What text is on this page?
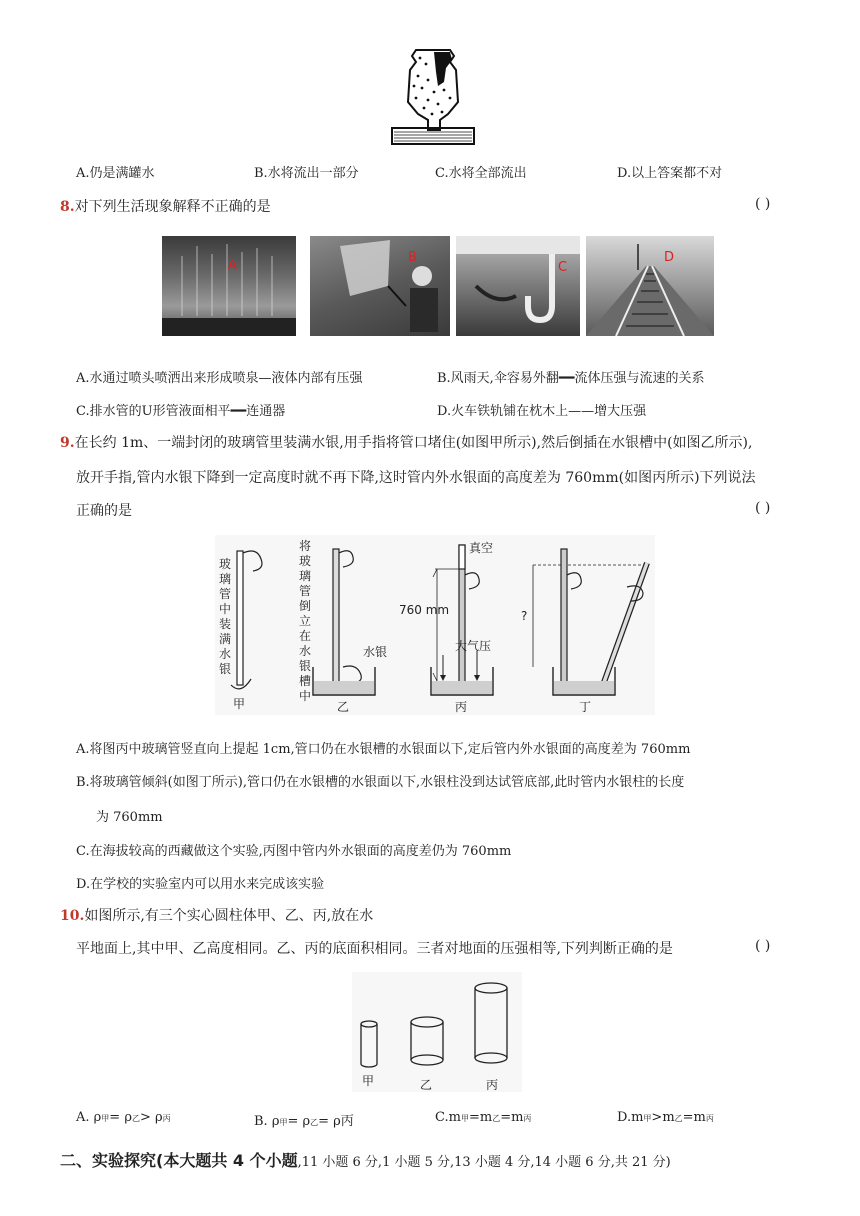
A.仍是满罐水	B.水将流出一部分	C.水将全部流出	D.以上答案都不对
8.对下列生活现象解释不正确的是	( )
A
B
C
D
A.水通过喷头喷洒出来形成喷泉—液体内部有压强	B.风雨天,伞容易外翻━━流体压强与流速的关系
C.排水管的U形管液面相平━━连通器	D.火车铁轨铺在枕木上——增大压强
9.在长约 1m、一端封闭的玻璃管里装满水银,用手指将管口堵住(如图甲所示),然后倒插在水银槽中(如图乙所示),
放开手指,管内水银下降到一定高度时就不再下降,这时管内外水银面的高度差为 760mm(如图丙所示)下列说法
正确的是	( )
玻璃管中装满水银
将玻璃管倒立在水银槽中
水银
真空
760 mm
大气压
?
甲	乙	丙	丁
A.将图丙中玻璃管竖直向上提起 1cm,管口仍在水银槽的水银面以下,定后管内外水银面的高度差为 760mm
B.将玻璃管倾斜(如图丁所示),管口仍在水银槽的水银面以下,水银柱没到达试管底部,此时管内水银柱的长度
为 760mm
C.在海拔较高的西藏做这个实验,丙图中管内外水银面的高度差仍为 760mm
D.在学校的实验室内可以用水来完成该实验
10.如图所示,有三个实心圆柱体甲、乙、丙,放在水
平地面上,其中甲、乙高度相同。乙、丙的底面积相同。三者对地面的压强相等,下列判断正确的是	( )
甲	乙	丙
A. ρ甲= ρ乙> ρ丙	B. ρ甲= ρ乙= ρ丙	C.m甲=m乙=m丙	D.m甲>m乙=m丙
二、实验探究(本大题共 4 个小题,11 小题 6 分,1 小题 5 分,13 小题 4 分,14 小题 6 分,共 21 分)
